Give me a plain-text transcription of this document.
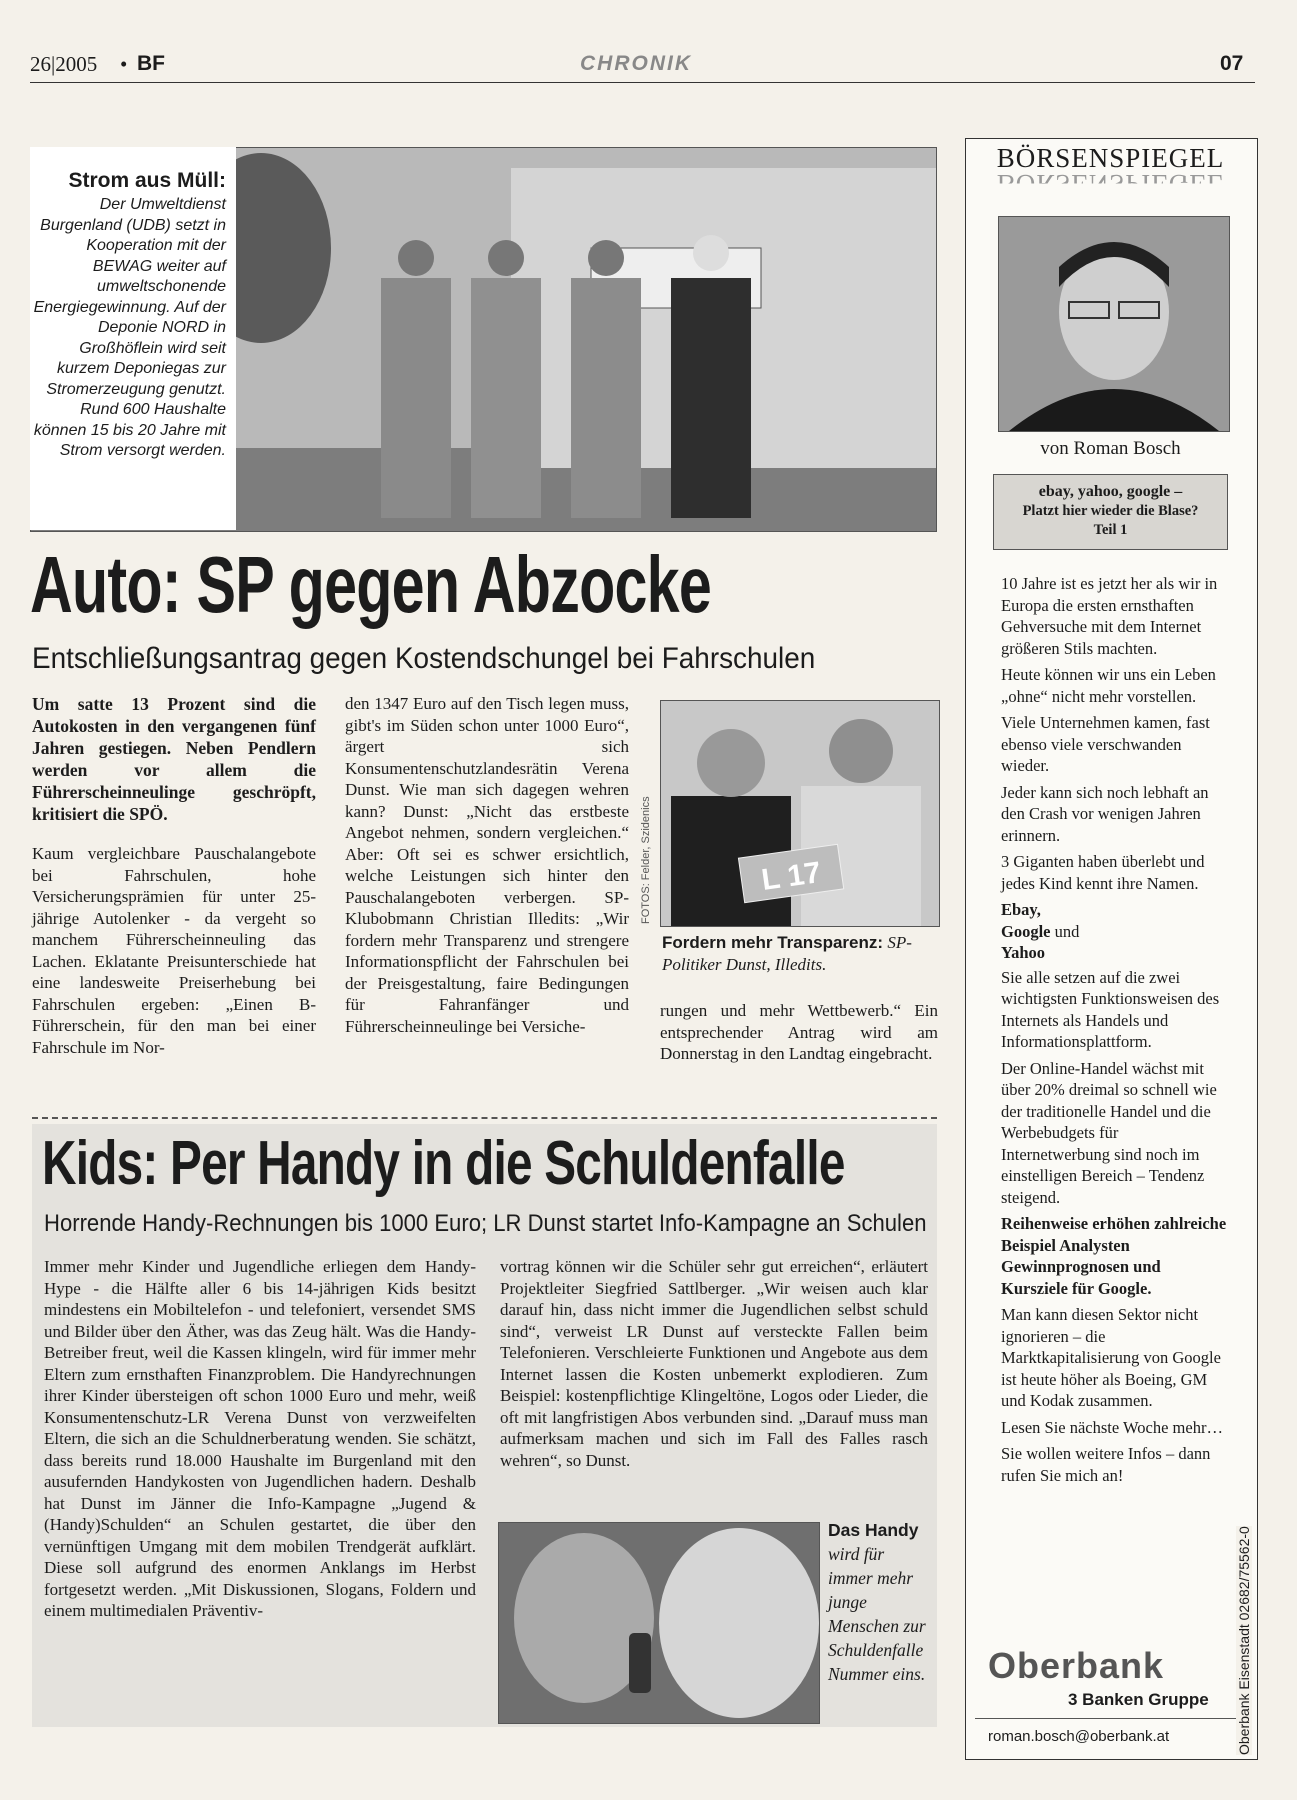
26|2005 • BF	CHRONIK	07
Strom aus Müll:
Der Umweltdienst Burgenland (UDB) setzt in Kooperation mit der BEWAG weiter auf umweltschonende Energiegewinnung. Auf der Deponie NORD in Großhöflein wird seit kurzem Deponiegas zur Stromerzeugung genutzt. Rund 600 Haushalte können 15 bis 20 Jahre mit Strom versorgt werden.
Auto: SP gegen Abzocke
Entschließungsantrag gegen Kostendschungel bei Fahrschulen

Um satte 13 Prozent sind die Autokosten in den vergangenen fünf Jahren gestiegen. Neben Pendlern werden vor allem die Führerscheinneulinge geschröpft, kritisiert die SPÖ.

Kaum vergleichbare Pauschalangebote bei Fahrschulen, hohe Versicherungsprämien für unter 25-jährige Autolenker - da vergeht so manchem Führerscheinneuling das Lachen. Eklatante Preisunterschiede hat eine landesweite Preiserhebung bei Fahrschulen ergeben: „Einen B-Führerschein, für den man bei einer Fahrschule im Nor-

den 1347 Euro auf den Tisch legen muss, gibt's im Süden schon unter 1000 Euro“, ärgert sich Konsumentenschutzlandesrätin Verena Dunst. Wie man sich dagegen wehren kann? Dunst: „Nicht das erstbeste Angebot nehmen, sondern vergleichen.“ Aber: Oft sei es schwer ersichtlich, welche Leistungen sich hinter den Pauschalangeboten verbergen. SP-Klubobmann Christian Illedits: „Wir fordern mehr Transparenz und strengere Informationspflicht der Fahrschulen bei der Preisgestaltung, faire Bedingungen für Fahranfänger und Führerscheinneulinge bei Versiche-

L 17
FOTOS: Felder, Szidenics
Fordern mehr Transparenz: SP-Politiker Dunst, Illedits.

rungen und mehr Wettbewerb.“ Ein entsprechender Antrag wird am Donnerstag in den Landtag eingebracht.

Kids: Per Handy in die Schuldenfalle
Horrende Handy-Rechnungen bis 1000 Euro; LR Dunst startet Info-Kampagne an Schulen

Immer mehr Kinder und Jugendliche erliegen dem Handy-Hype - die Hälfte aller 6 bis 14-jährigen Kids besitzt mindestens ein Mobiltelefon - und telefoniert, versendet SMS und Bilder über den Äther, was das Zeug hält. Was die Handy-Betreiber freut, weil die Kassen klingeln, wird für immer mehr Eltern zum ernsthaften Finanzproblem. Die Handyrechnungen ihrer Kinder übersteigen oft schon 1000 Euro und mehr, weiß Konsumentenschutz-LR Verena Dunst von verzweifelten Eltern, die sich an die Schuldnerberatung wenden. Sie schätzt, dass bereits rund 18.000 Haushalte im Burgenland mit den ausufernden Handykosten von Jugendlichen hadern. Deshalb hat Dunst im Jänner die Info-Kampagne „Jugend & (Handy)Schulden“ an Schulen gestartet, die über den vernünftigen Umgang mit dem mobilen Trendgerät aufklärt. Diese soll aufgrund des enormen Anklangs im Herbst fortgesetzt werden. „Mit Diskussionen, Slogans, Foldern und einem multimedialen Präventiv-

vortrag können wir die Schüler sehr gut erreichen“, erläutert Projektleiter Siegfried Sattlberger. „Wir weisen auch klar darauf hin, dass nicht immer die Jugendlichen selbst schuld sind“, verweist LR Dunst auf versteckte Fallen beim Telefonieren. Verschleierte Funktionen und Angebote aus dem Internet lassen die Kosten unbemerkt explodieren. Zum Beispiel: kostenpflichtige Klingeltöne, Logos oder Lieder, die oft mit langfristigen Abos verbunden sind. „Darauf muss man aufmerksam machen und sich im Fall des Falles rasch wehren“, so Dunst.

Das Handy
wird für immer mehr junge Menschen zur Schuldenfalle Nummer eins.
BÖRSENSPIEGEL
von Roman Bosch
ebay, yahoo, google –
Platzt hier wieder die Blase?
Teil 1

10 Jahre ist es jetzt her als wir in Europa die ersten ernsthaften Gehversuche mit dem Internet größeren Stils machten.

Heute können wir uns ein Leben „ohne“ nicht mehr vorstellen.

Viele Unternehmen kamen, fast ebenso viele verschwanden wieder.

Jeder kann sich noch lebhaft an den Crash vor wenigen Jahren erinnern.

3 Giganten haben überlebt und jedes Kind kennt ihre Namen.

Ebay,
Google und
Yahoo

Sie alle setzen auf die zwei wichtigsten Funktionsweisen des Internets als Handels und Informationsplattform.

Der Online-Handel wächst mit über 20% dreimal so schnell wie der traditionelle Handel und die Werbebudgets für Internetwerbung sind noch im einstelligen Bereich – Tendenz steigend.

Reihenweise erhöhen zahlreiche Beispiel Analysten Gewinnprognosen und Kursziele für Google.

Man kann diesen Sektor nicht ignorieren – die Marktkapitalisierung von Google ist heute höher als Boeing, GM und Kodak zusammen.

Lesen Sie nächste Woche mehr…

Sie wollen weitere Infos – dann rufen Sie mich an!

Oberbank
3 Banken Gruppe
roman.bosch@oberbank.at	Oberbank Eisenstadt 02682/75562-0
